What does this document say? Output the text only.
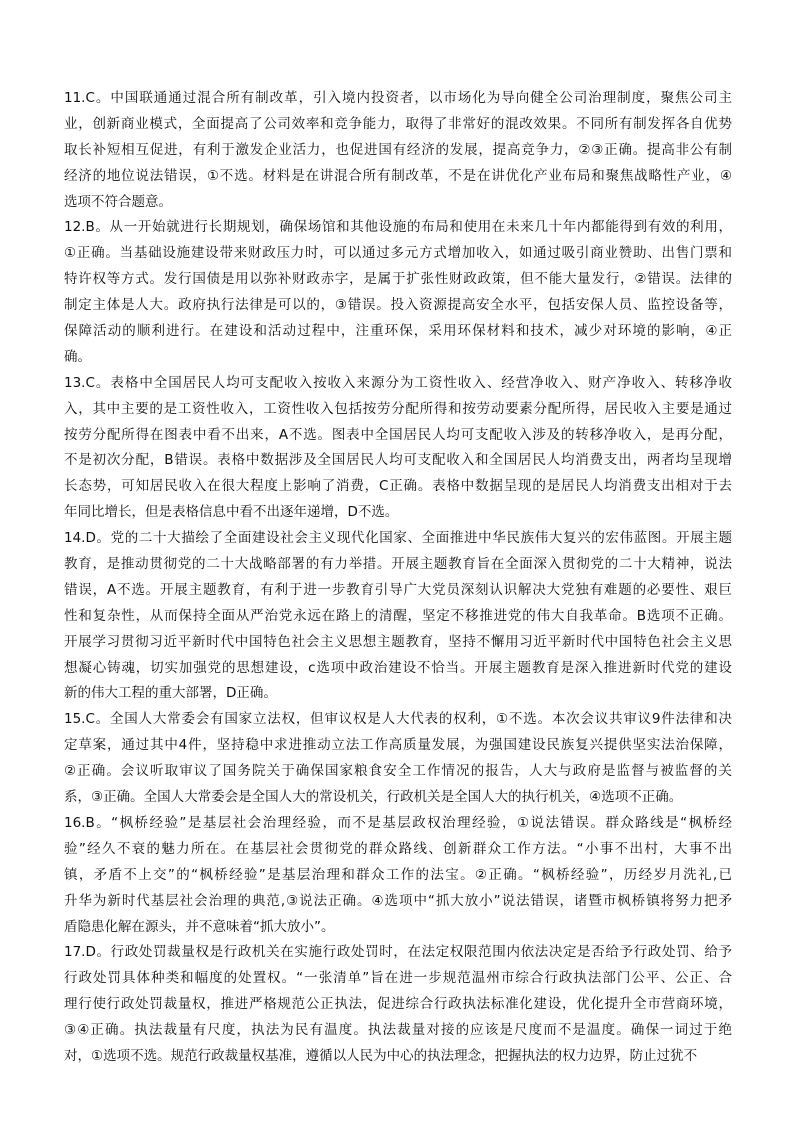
11.C。中国联通通过混合所有制改革，引入境内投资者，以市场化为导向健全公司治理制度，聚焦公司主
业，创新商业模式，全面提高了公司效率和竞争能力，取得了非常好的混改效果。不同所有制发挥各自优势
取长补短相互促进，有利于激发企业活力，也促进国有经济的发展，提高竞争力，②③正确。提高非公有制
经济的地位说法错误，①不选。材料是在讲混合所有制改革，不是在讲优化产业布局和聚焦战略性产业，④
选项不符合题意。
12.B。从一开始就进行长期规划，确保场馆和其他设施的布局和使用在未来几十年内都能得到有效的利用，
①正确。当基础设施建设带来财政压力时，可以通过多元方式增加收入，如通过吸引商业赞助、出售门票和
特许权等方式。发行国债是用以弥补财政赤字，是属于扩张性财政政策，但不能大量发行，②错误。法律的
制定主体是人大。政府执行法律是可以的，③错误。投入资源提高安全水平，包括安保人员、监控设备等，
保障活动的顺利进行。在建设和活动过程中，注重环保，采用环保材料和技术，减少对环境的影响，④正
确。
13.C。表格中全国居民人均可支配收入按收入来源分为工资性收入、经营净收入、财产净收入、转移净收
入，其中主要的是工资性收入，工资性收入包括按劳分配所得和按劳动要素分配所得，居民收入主要是通过
按劳分配所得在图表中看不出来，A不选。图表中全国居民人均可支配收入涉及的转移净收入，是再分配，
不是初次分配，B错误。表格中数据涉及全国居民人均可支配收入和全国居民人均消费支出，两者均呈现增
长态势，可知居民收入在很大程度上影响了消费，C正确。表格中数据呈现的是居民人均消费支出相对于去
年同比增长，但是表格信息中看不出逐年递增，D不选。
14.D。党的二十大描绘了全面建设社会主义现代化国家、全面推进中华民族伟大复兴的宏伟蓝图。开展主题
教育，是推动贯彻党的二十大战略部署的有力举措。开展主题教育旨在全面深入贯彻党的二十大精神，说法
错误，A不选。开展主题教育，有利于进一步教育引导广大党员深刻认识解决大党独有难题的必要性、艰巨
性和复杂性，从而保持全面从严治党永远在路上的清醒，坚定不移推进党的伟大自我革命。B选项不正确。
开展学习贯彻习近平新时代中国特色社会主义思想主题教育，坚持不懈用习近平新时代中国特色社会主义思
想凝心铸魂，切实加强党的思想建设，c选项中政治建设不恰当。开展主题教育是深入推进新时代党的建设
新的伟大工程的重大部署，D正确。
15.C。全国人大常委会有国家立法权，但审议权是人大代表的权利，①不选。本次会议共审议9件法律和决
定草案，通过其中4件，坚持稳中求进推动立法工作高质量发展，为强国建设民族复兴提供坚实法治保障，
②正确。会议听取审议了国务院关于确保国家粮食安全工作情况的报告，人大与政府是监督与被监督的关
系，③正确。全国人大常委会是全国人大的常设机关，行政机关是全国人大的执行机关，④选项不正确。
16.B。“枫桥经验”是基层社会治理经验，而不是基层政权治理经验，①说法错误。群众路线是“枫桥经
验”经久不衰的魅力所在。在基层社会贯彻党的群众路线、创新群众工作方法。“小事不出村，大事不出
镇，矛盾不上交”的“枫桥经验”是基层治理和群众工作的法宝。②正确。“枫桥经验”，历经岁月洗礼,已
升华为新时代基层社会治理的典范,③说法正确。④选项中“抓大放小”说法错误，诸暨市枫桥镇将努力把矛
盾隐患化解在源头，并不意味着“抓大放小”。
17.D。行政处罚裁量权是行政机关在实施行政处罚时，在法定权限范围内依法决定是否给予行政处罚、给予
行政处罚具体种类和幅度的处置权。“一张清单”旨在进一步规范温州市综合行政执法部门公平、公正、合
理行使行政处罚裁量权，推进严格规范公正执法，促进综合行政执法标准化建设，优化提升全市营商环境，
③④正确。执法裁量有尺度，执法为民有温度。执法裁量对接的应该是尺度而不是温度。确保一词过于绝
对，①选项不选。规范行政裁量权基准，遵循以人民为中心的执法理念，把握执法的权力边界，防止过犹不
